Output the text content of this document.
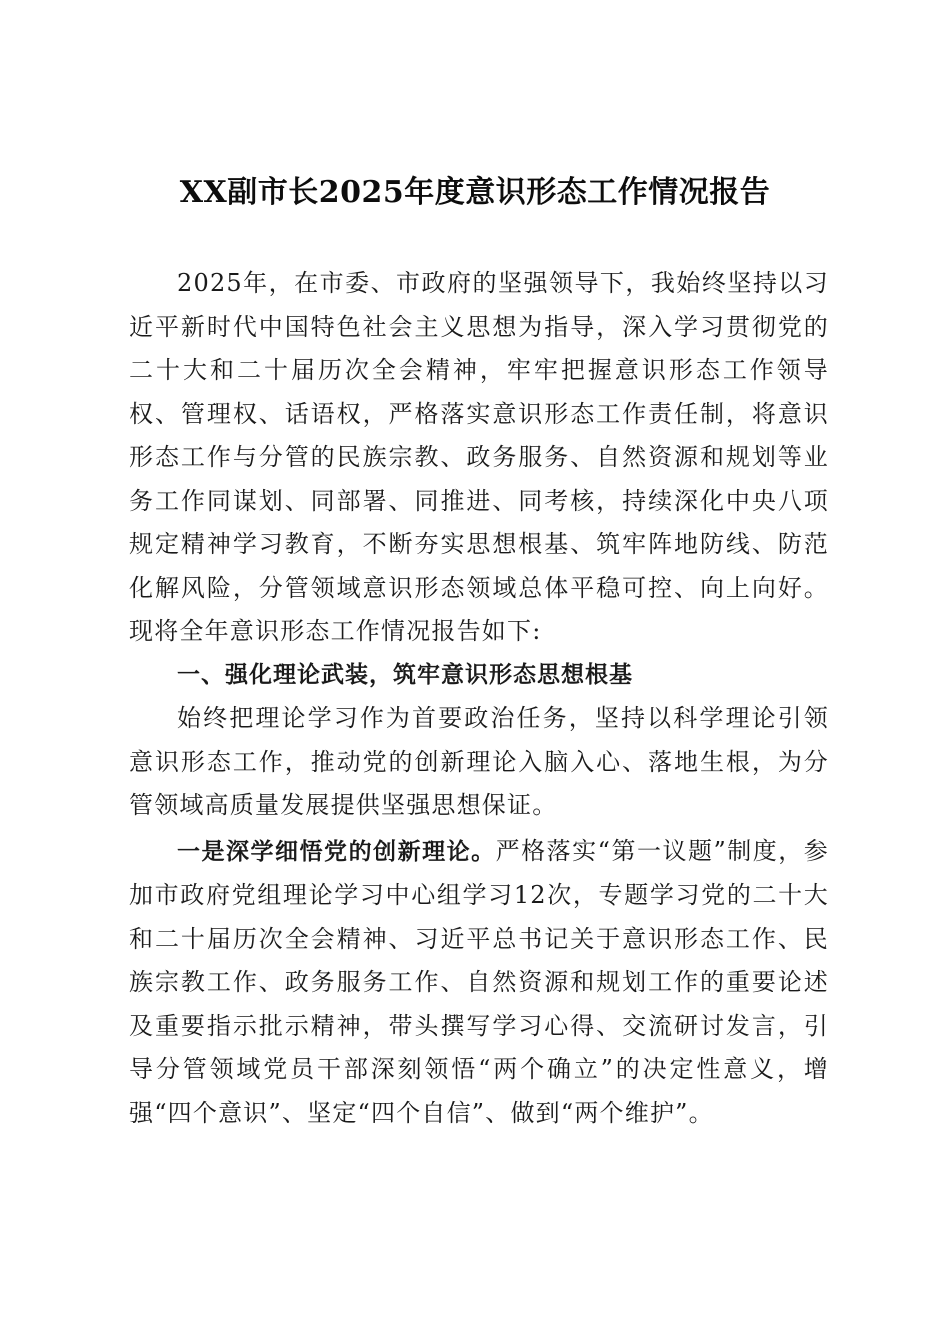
XX副市长2025年度意识形态工作情况报告

2025年，在市委、市政府的坚强领导下，我始终坚持以习近平新时代中国特色社会主义思想为指导，深入学习贯彻党的二十大和二十届历次全会精神，牢牢把握意识形态工作领导权、管理权、话语权，严格落实意识形态工作责任制，将意识形态工作与分管的民族宗教、政务服务、自然资源和规划等业务工作同谋划、同部署、同推进、同考核，持续深化中央八项规定精神学习教育，不断夯实思想根基、筑牢阵地防线、防范化解风险，分管领域意识形态领域总体平稳可控、向上向好。现将全年意识形态工作情况报告如下:

一、强化理论武装，筑牢意识形态思想根基

始终把理论学习作为首要政治任务，坚持以科学理论引领意识形态工作，推动党的创新理论入脑入心、落地生根，为分管领域高质量发展提供坚强思想保证。

一是深学细悟党的创新理论。严格落实“第一议题”制度，参加市政府党组理论学习中心组学习12次，专题学习党的二十大和二十届历次全会精神、习近平总书记关于意识形态工作、民族宗教工作、政务服务工作、自然资源和规划工作的重要论述及重要指示批示精神，带头撰写学习心得、交流研讨发言，引导分管领域党员干部深刻领悟“两个确立”的决定性意义，增强“四个意识”、坚定“四个自信”、做到“两个维护”。
